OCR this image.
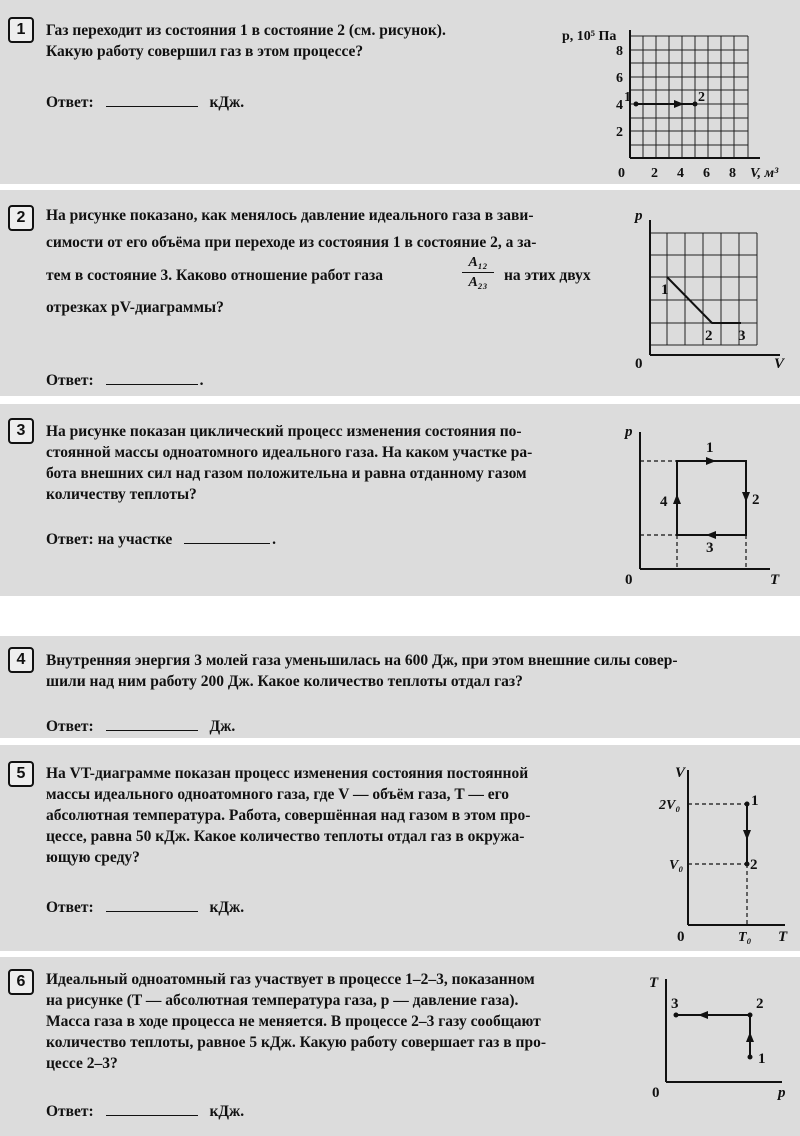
1	Газ переходит из состояния 1 в состояние 2 (см. рисунок).
Какую работу совершил газ в этом процессе?
Ответ:	кДж.
p, 10⁵ Па
8
6
4
2
0 2 4 6 8 V, м³
1	2
2	На рисунке показано, как менялось давление идеального газа в зави-
симости от его объёма при переходе из состояния 1 в состояние 2, а за-
тем в состояние 3. Каково отношение работ газа	$\frac{\text{A₁₂}}{\text{A₂₃}}$ на этих двух
отрезках pV-диаграммы?
Ответ:	.
p
0	V
1
2 3
3	На рисунке показан циклический процесс изменения состояния по-
стоянной массы одноатомного идеального газа. На каком участке ра-
бота внешних сил над газом положительна и равна отданному газом
количеству теплоты?
Ответ: на участке	.
p
0	T
1
2
3
4
4	Внутренняя энергия 3 молей газа уменьшилась на 600 Дж, при этом внешние силы совер-
шили над ним работу 200 Дж. Какое количество теплоты отдал газ?
Ответ:	Дж.
5	На VT-диаграмме показан процесс изменения состояния постоянной
массы идеального одноатомного газа, где V — объём газа, T — его
абсолютная температура. Работа, совершённая над газом в этом про-
цессе, равна 50 кДж. Какое количество теплоты отдал газ в окружа-
ющую среду?
Ответ:	кДж.
V
2V₀
V₀
0	T₀ T
1
2
6	Идеальный одноатомный газ участвует в процессе 1–2–3, показанном
на рисунке (T — абсолютная температура газа, p — давление газа).
Масса газа в ходе процесса не меняется. В процессе 2–3 газу сообщают
количество теплоты, равное 5 кДж. Какую работу совершает газ в про-
цессе 2–3?
Ответ:	кДж.
T
0	p
1
2
3
